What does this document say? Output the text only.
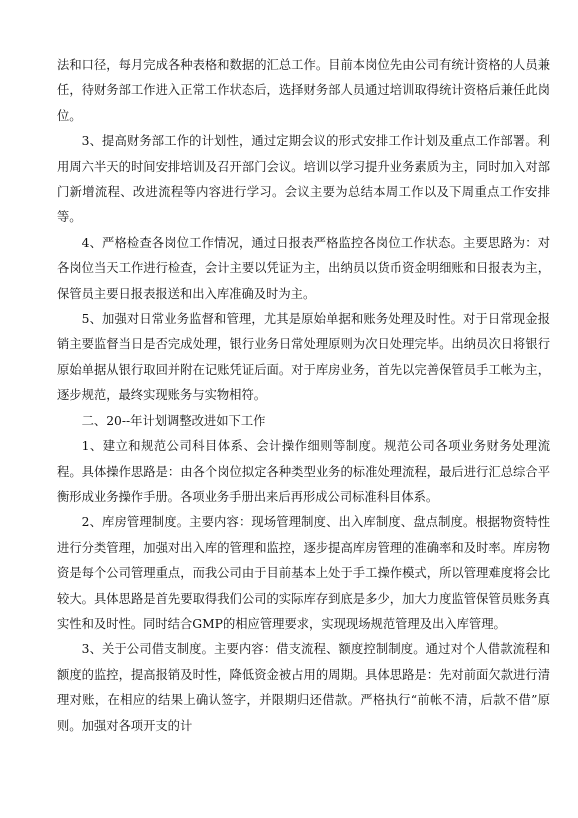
法和口径，每月完成各种表格和数据的汇总工作。目前本岗位先由公司有统计资格的人员兼任，待财务部工作进入正常工作状态后，选择财务部人员通过培训取得统计资格后兼任此岗位。

3、提高财务部工作的计划性，通过定期会议的形式安排工作计划及重点工作部署。利用周六半天的时间安排培训及召开部门会议。培训以学习提升业务素质为主，同时加入对部门新增流程、改进流程等内容进行学习。会议主要为总结本周工作以及下周重点工作安排等。

4、严格检查各岗位工作情况，通过日报表严格监控各岗位工作状态。主要思路为：对各岗位当天工作进行检查，会计主要以凭证为主，出纳员以货币资金明细账和日报表为主，保管员主要日报表报送和出入库准确及时为主。

5、加强对日常业务监督和管理，尤其是原始单据和账务处理及时性。对于日常现金报销主要监督当日是否完成处理，银行业务日常处理原则为次日处理完毕。出纳员次日将银行原始单据从银行取回并附在记账凭证后面。对于库房业务，首先以完善保管员手工帐为主，逐步规范，最终实现账务与实物相符。

二、20--年计划调整改进如下工作

1、建立和规范公司科目体系、会计操作细则等制度。规范公司各项业务财务处理流程。具体操作思路是：由各个岗位拟定各种类型业务的标准处理流程，最后进行汇总综合平衡形成业务操作手册。各项业务手册出来后再形成公司标准科目体系。

2、库房管理制度。主要内容：现场管理制度、出入库制度、盘点制度。根据物资特性进行分类管理，加强对出入库的管理和监控，逐步提高库房管理的准确率和及时率。库房物资是每个公司管理重点，而我公司由于目前基本上处于手工操作模式，所以管理难度将会比较大。具体思路是首先要取得我们公司的实际库存到底是多少，加大力度监管保管员账务真实性和及时性。同时结合GMP的相应管理要求，实现现场规范管理及出入库管理。

3、关于公司借支制度。主要内容：借支流程、额度控制制度。通过对个人借款流程和额度的监控，提高报销及时性，降低资金被占用的周期。具体思路是：先对前面欠款进行清理对账，在相应的结果上确认签字，并限期归还借款。严格执行“前帐不清，后款不借”原则。加强对各项开支的计
